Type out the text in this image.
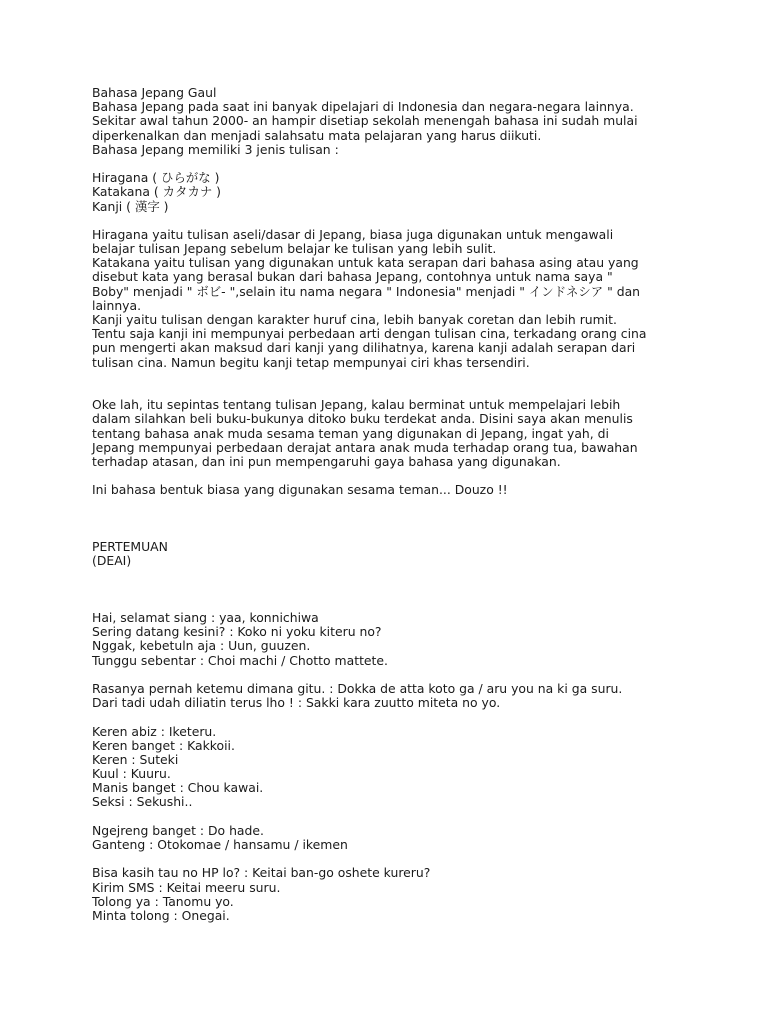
Bahasa Jepang Gaul
Bahasa Jepang pada saat ini banyak dipelajari di Indonesia dan negara-negara lainnya.
Sekitar awal tahun 2000- an hampir disetiap sekolah menengah bahasa ini sudah mulai
diperkenalkan dan menjadi salahsatu mata pelajaran yang harus diikuti.
Bahasa Jepang memiliki 3 jenis tulisan :
Hiragana ( ひらがな )
Katakana ( カタカナ )
Kanji ( 漢字 )
Hiragana yaitu tulisan aseli/dasar di Jepang, biasa juga digunakan untuk mengawali
belajar tulisan Jepang sebelum belajar ke tulisan yang lebih sulit.
Katakana yaitu tulisan yang digunakan untuk kata serapan dari bahasa asing atau yang
disebut kata yang berasal bukan dari bahasa Jepang, contohnya untuk nama saya "
Boby" menjadi " ボビ- ",selain itu nama negara " Indonesia" menjadi " インドネシア " dan
lainnya.
Kanji yaitu tulisan dengan karakter huruf cina, lebih banyak coretan dan lebih rumit.
Tentu saja kanji ini mempunyai perbedaan arti dengan tulisan cina, terkadang orang cina
pun mengerti akan maksud dari kanji yang dilihatnya, karena kanji adalah serapan dari
tulisan cina. Namun begitu kanji tetap mempunyai ciri khas tersendiri.
Oke lah, itu sepintas tentang tulisan Jepang, kalau berminat untuk mempelajari lebih
dalam silahkan beli buku-bukunya ditoko buku terdekat anda. Disini saya akan menulis
tentang bahasa anak muda sesama teman yang digunakan di Jepang, ingat yah, di
Jepang mempunyai perbedaan derajat antara anak muda terhadap orang tua, bawahan
terhadap atasan, dan ini pun mempengaruhi gaya bahasa yang digunakan.
Ini bahasa bentuk biasa yang digunakan sesama teman... Douzo !!
PERTEMUAN
(DEAI)
Hai, selamat siang : yaa, konnichiwa
Sering datang kesini? : Koko ni yoku kiteru no?
Nggak, kebetuln aja : Uun, guuzen.
Tunggu sebentar : Choi machi / Chotto mattete.
Rasanya pernah ketemu dimana gitu. : Dokka de atta koto ga / aru you na ki ga suru.
Dari tadi udah diliatin terus lho ! : Sakki kara zuutto miteta no yo.
Keren abiz : Iketeru.
Keren banget : Kakkoii.
Keren : Suteki
Kuul : Kuuru.
Manis banget : Chou kawai.
Seksi : Sekushi..
Ngejreng banget : Do hade.
Ganteng : Otokomae / hansamu / ikemen
Bisa kasih tau no HP lo? : Keitai ban-go oshete kureru?
Kirim SMS : Keitai meeru suru.
Tolong ya : Tanomu yo.
Minta tolong : Onegai.
